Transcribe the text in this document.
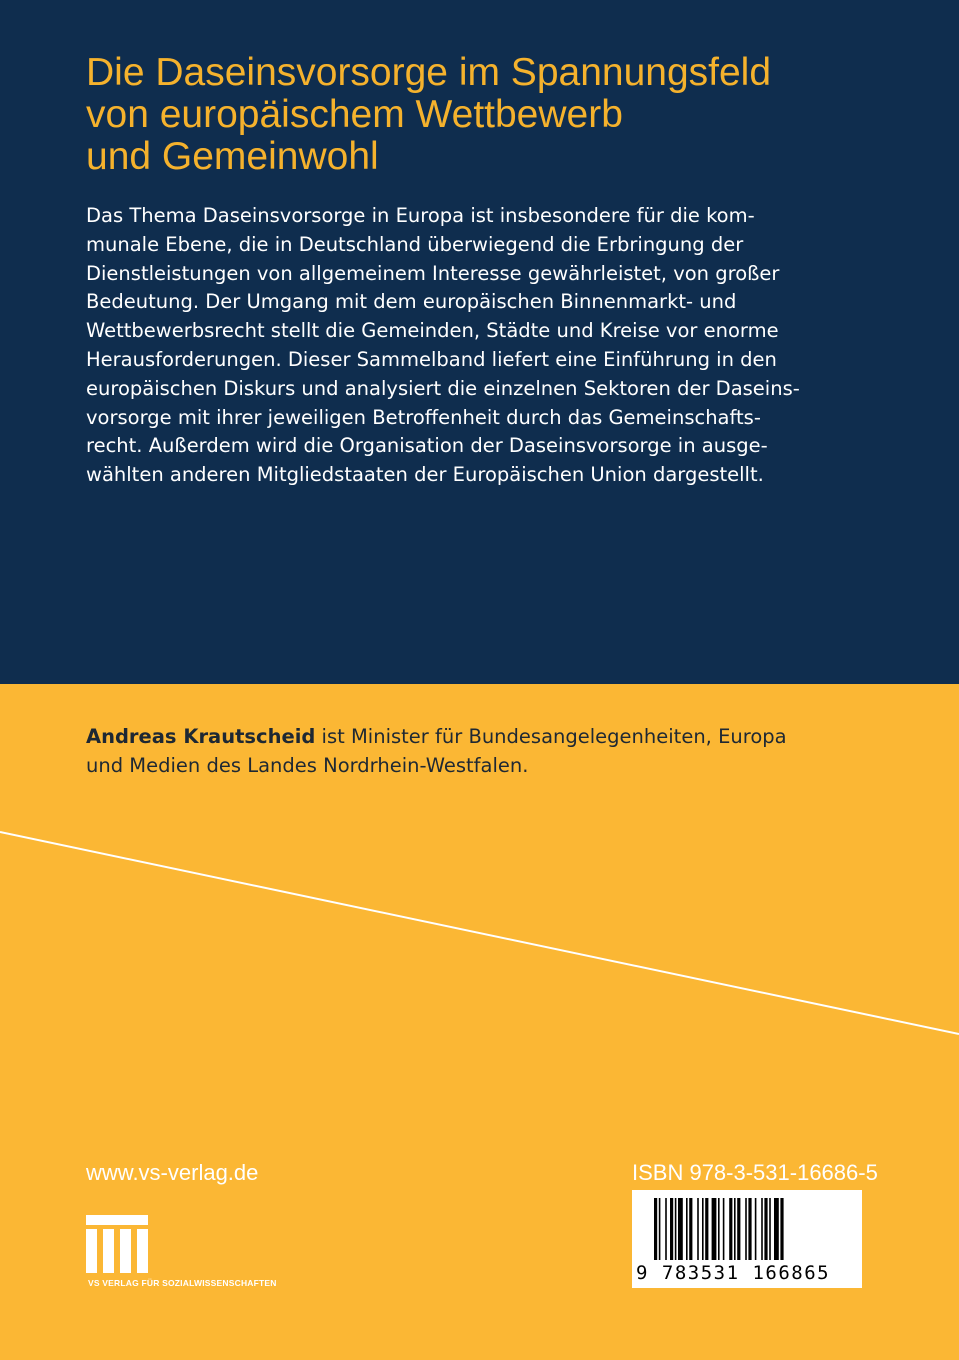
Die Daseinsvorsorge im Spannungsfeld
von europäischem Wettbewerb
und Gemeinwohl

Das Thema Daseinsvorsorge in Europa ist insbesondere für die kom-
munale Ebene, die in Deutschland überwiegend die Erbringung der
Dienstleistungen von allgemeinem Interesse gewährleistet, von großer
Bedeutung. Der Umgang mit dem europäischen Binnenmarkt- und
Wettbewerbsrecht stellt die Gemeinden, Städte und Kreise vor enorme
Herausforderungen. Dieser Sammelband liefert eine Einführung in den
europäischen Diskurs und analysiert die einzelnen Sektoren der Daseins-
vorsorge mit ihrer jeweiligen Betroffenheit durch das Gemeinschafts-
recht. Außerdem wird die Organisation der Daseinsvorsorge in ausge-
wählten anderen Mitgliedstaaten der Europäischen Union dargestellt.

Andreas Krautscheid ist Minister für Bundesangelegenheiten, Europa
und Medien des Landes Nordrhein-Westfalen.

www.vs-verlag.de
VS VERLAG FÜR SOZIALWISSENSCHAFTEN
ISBN 978-3-531-16686-5
9 783531 166865
